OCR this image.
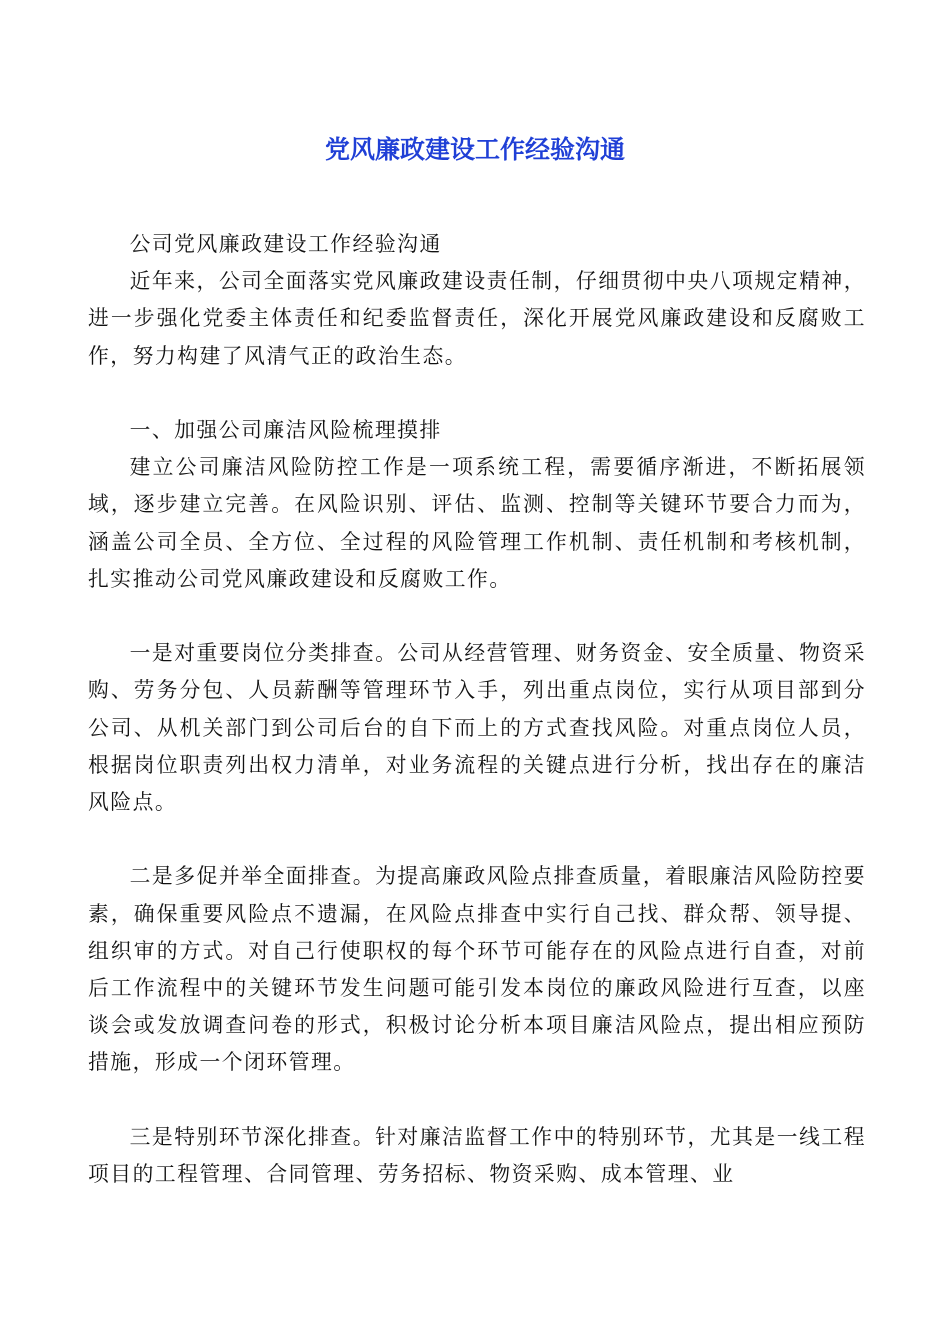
党风廉政建设工作经验沟通

公司党风廉政建设工作经验沟通

近年来，公司全面落实党风廉政建设责任制，仔细贯彻中央八项规定精神，进一步强化党委主体责任和纪委监督责任，深化开展党风廉政建设和反腐败工作，努力构建了风清气正的政治生态。

一、加强公司廉洁风险梳理摸排

建立公司廉洁风险防控工作是一项系统工程，需要循序渐进，不断拓展领域，逐步建立完善。在风险识别、评估、监测、控制等关键环节要合力而为，涵盖公司全员、全方位、全过程的风险管理工作机制、责任机制和考核机制，扎实推动公司党风廉政建设和反腐败工作。

一是对重要岗位分类排查。公司从经营管理、财务资金、安全质量、物资采购、劳务分包、人员薪酬等管理环节入手，列出重点岗位，实行从项目部到分公司、从机关部门到公司后台的自下而上的方式查找风险。对重点岗位人员，根据岗位职责列出权力清单，对业务流程的关键点进行分析，找出存在的廉洁风险点。

二是多促并举全面排查。为提高廉政风险点排查质量，着眼廉洁风险防控要素，确保重要风险点不遗漏，在风险点排查中实行自己找、群众帮、领导提、组织审的方式。对自己行使职权的每个环节可能存在的风险点进行自查，对前后工作流程中的关键环节发生问题可能引发本岗位的廉政风险进行互查，以座谈会或发放调查问卷的形式，积极讨论分析本项目廉洁风险点，提出相应预防措施，形成一个闭环管理。

三是特别环节深化排查。针对廉洁监督工作中的特别环节，尤其是一线工程项目的工程管理、合同管理、劳务招标、物资采购、成本管理、业
